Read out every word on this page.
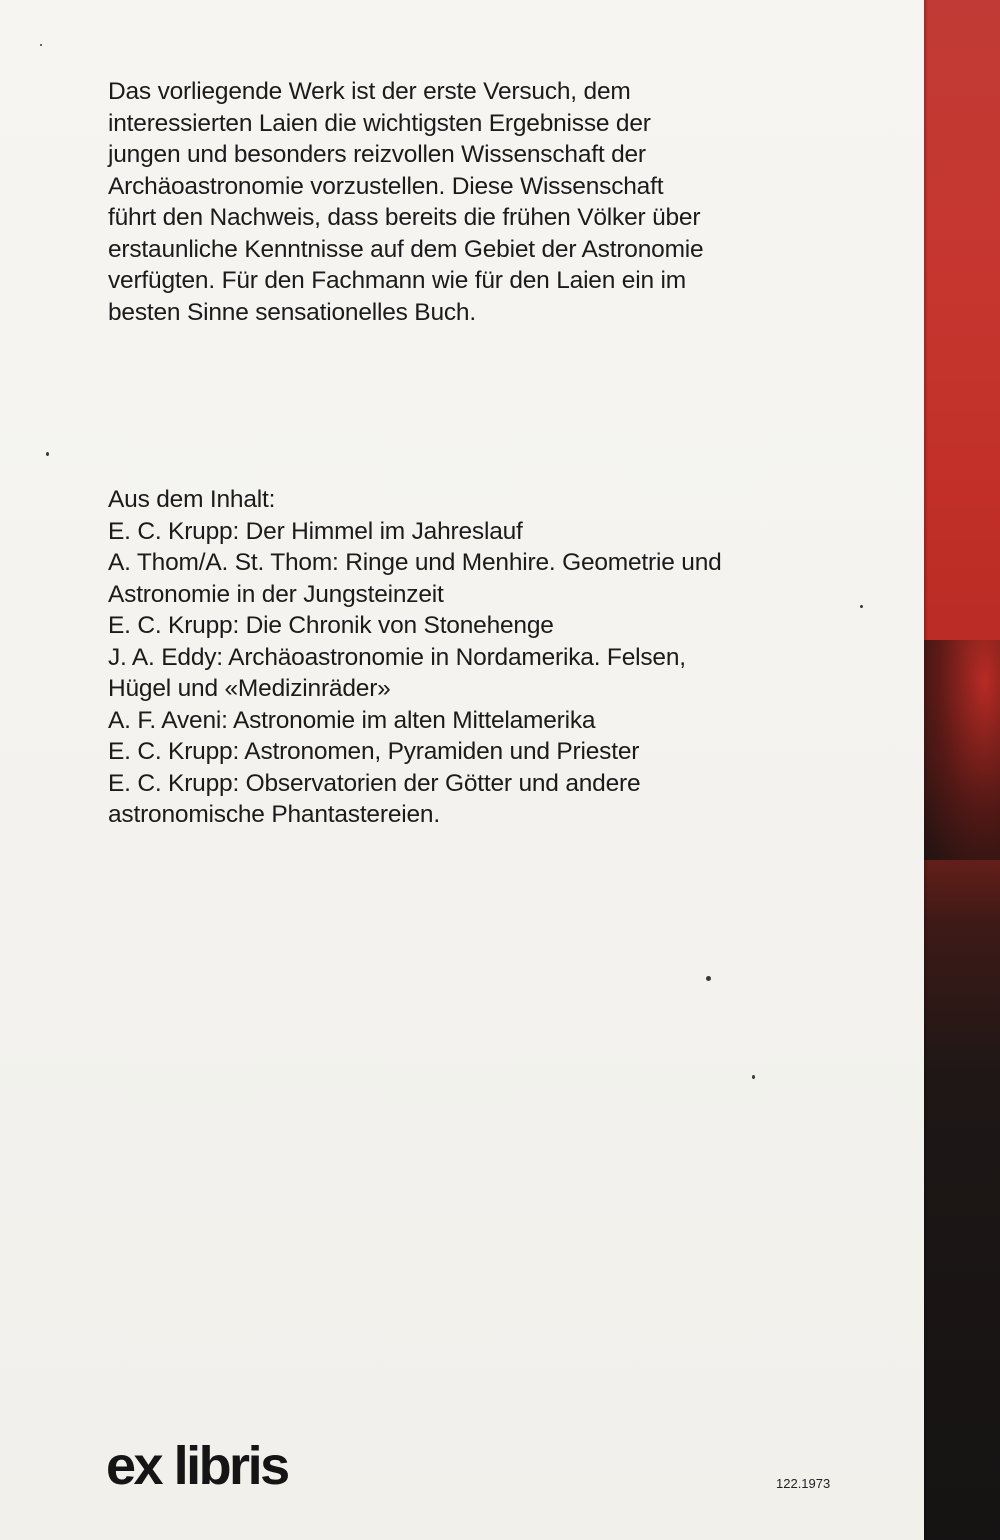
Das vorliegende Werk ist der erste Versuch, dem
interessierten Laien die wichtigsten Ergebnisse der
jungen und besonders reizvollen Wissenschaft der
Archäoastronomie vorzustellen. Diese Wissenschaft
führt den Nachweis, dass bereits die frühen Völker über
erstaunliche Kenntnisse auf dem Gebiet der Astronomie
verfügten. Für den Fachmann wie für den Laien ein im
besten Sinne sensationelles Buch.
Aus dem Inhalt:
E. C. Krupp: Der Himmel im Jahreslauf
A. Thom/A. St. Thom: Ringe und Menhire. Geometrie und
Astronomie in der Jungsteinzeit
E. C. Krupp: Die Chronik von Stonehenge
J. A. Eddy: Archäoastronomie in Nordamerika. Felsen,
Hügel und «Medizinräder»
A. F. Aveni: Astronomie im alten Mittelamerika
E. C. Krupp: Astronomen, Pyramiden und Priester
E. C. Krupp: Observatorien der Götter und andere
astronomische Phantastereien.
ex libris	122.1973
